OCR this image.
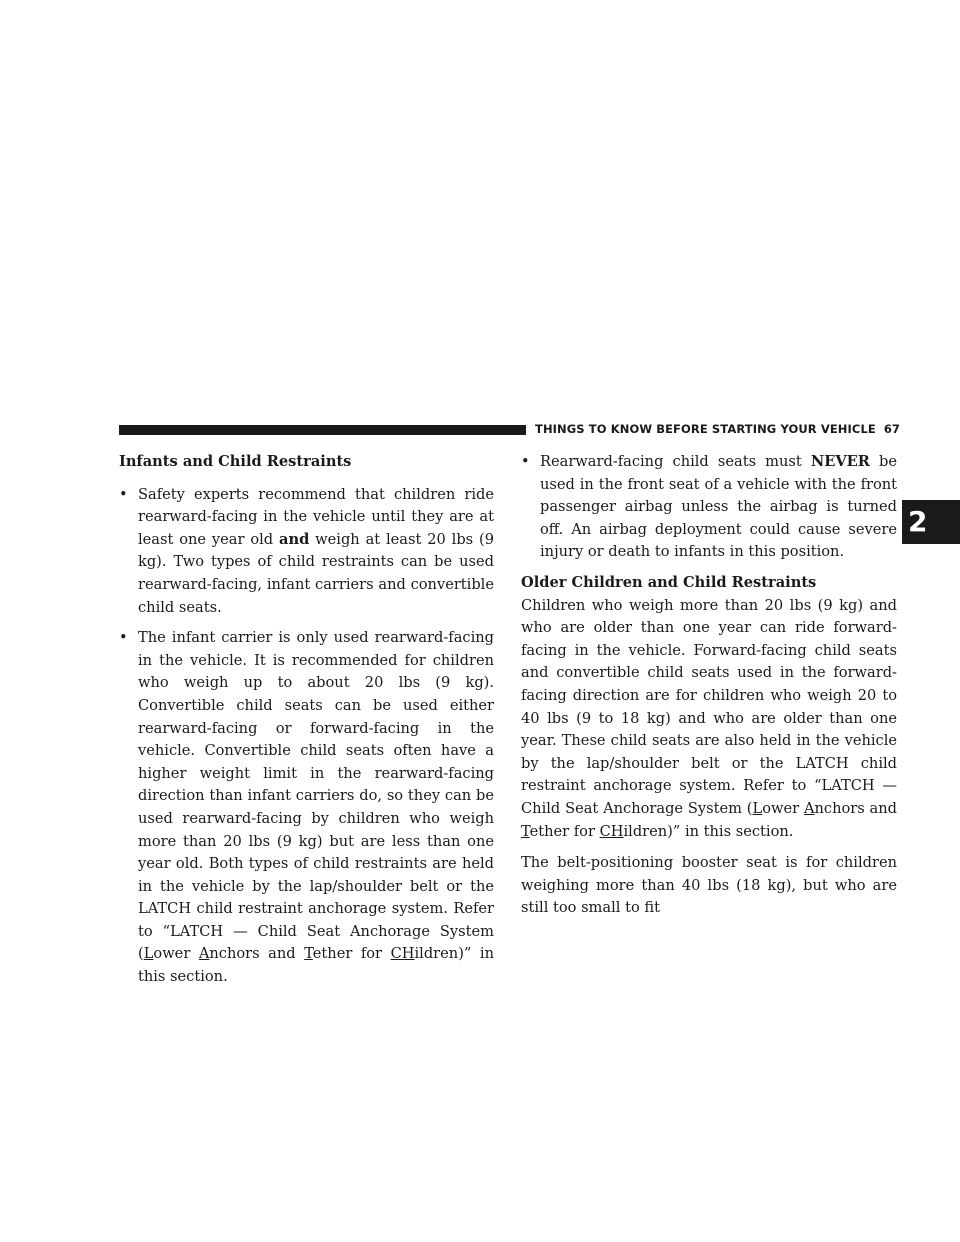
THINGS TO KNOW BEFORE STARTING YOUR VEHICLE 67
2

Infants and Child Restraints

• Safety experts recommend that children ride rearward-facing in the vehicle until they are at least one year old and weigh at least 20 lbs (9 kg). Two types of child restraints can be used rearward-facing, infant carriers and convertible child seats.
• The infant carrier is only used rearward-facing in the vehicle. It is recommended for children who weigh up to about 20 lbs (9 kg). Convertible child seats can be used either rearward-facing or forward-facing in the vehicle. Convertible child seats often have a higher weight limit in the rearward-facing direction than infant carriers do, so they can be used rearward-facing by children who weigh more than 20 lbs (9 kg) but are less than one year old. Both types of child restraints are held in the vehicle by the lap/shoulder belt or the LATCH child restraint anchorage system. Refer to “LATCH — Child Seat Anchorage System (Lower Anchors and Tether for CHildren)” in this section.
• Rearward-facing child seats must NEVER be used in the front seat of a vehicle with the front passenger airbag unless the airbag is turned off. An airbag deployment could cause severe injury or death to infants in this position.

Older Children and Child Restraints

Children who weigh more than 20 lbs (9 kg) and who are older than one year can ride forward-facing in the vehicle. Forward-facing child seats and convertible child seats used in the forward-facing direction are for children who weigh 20 to 40 lbs (9 to 18 kg) and who are older than one year. These child seats are also held in the vehicle by the lap/shoulder belt or the LATCH child restraint anchorage system. Refer to “LATCH — Child Seat Anchorage System (Lower Anchors and Tether for CHildren)” in this section.

The belt-positioning booster seat is for children weighing more than 40 lbs (18 kg), but who are still too small to fit
